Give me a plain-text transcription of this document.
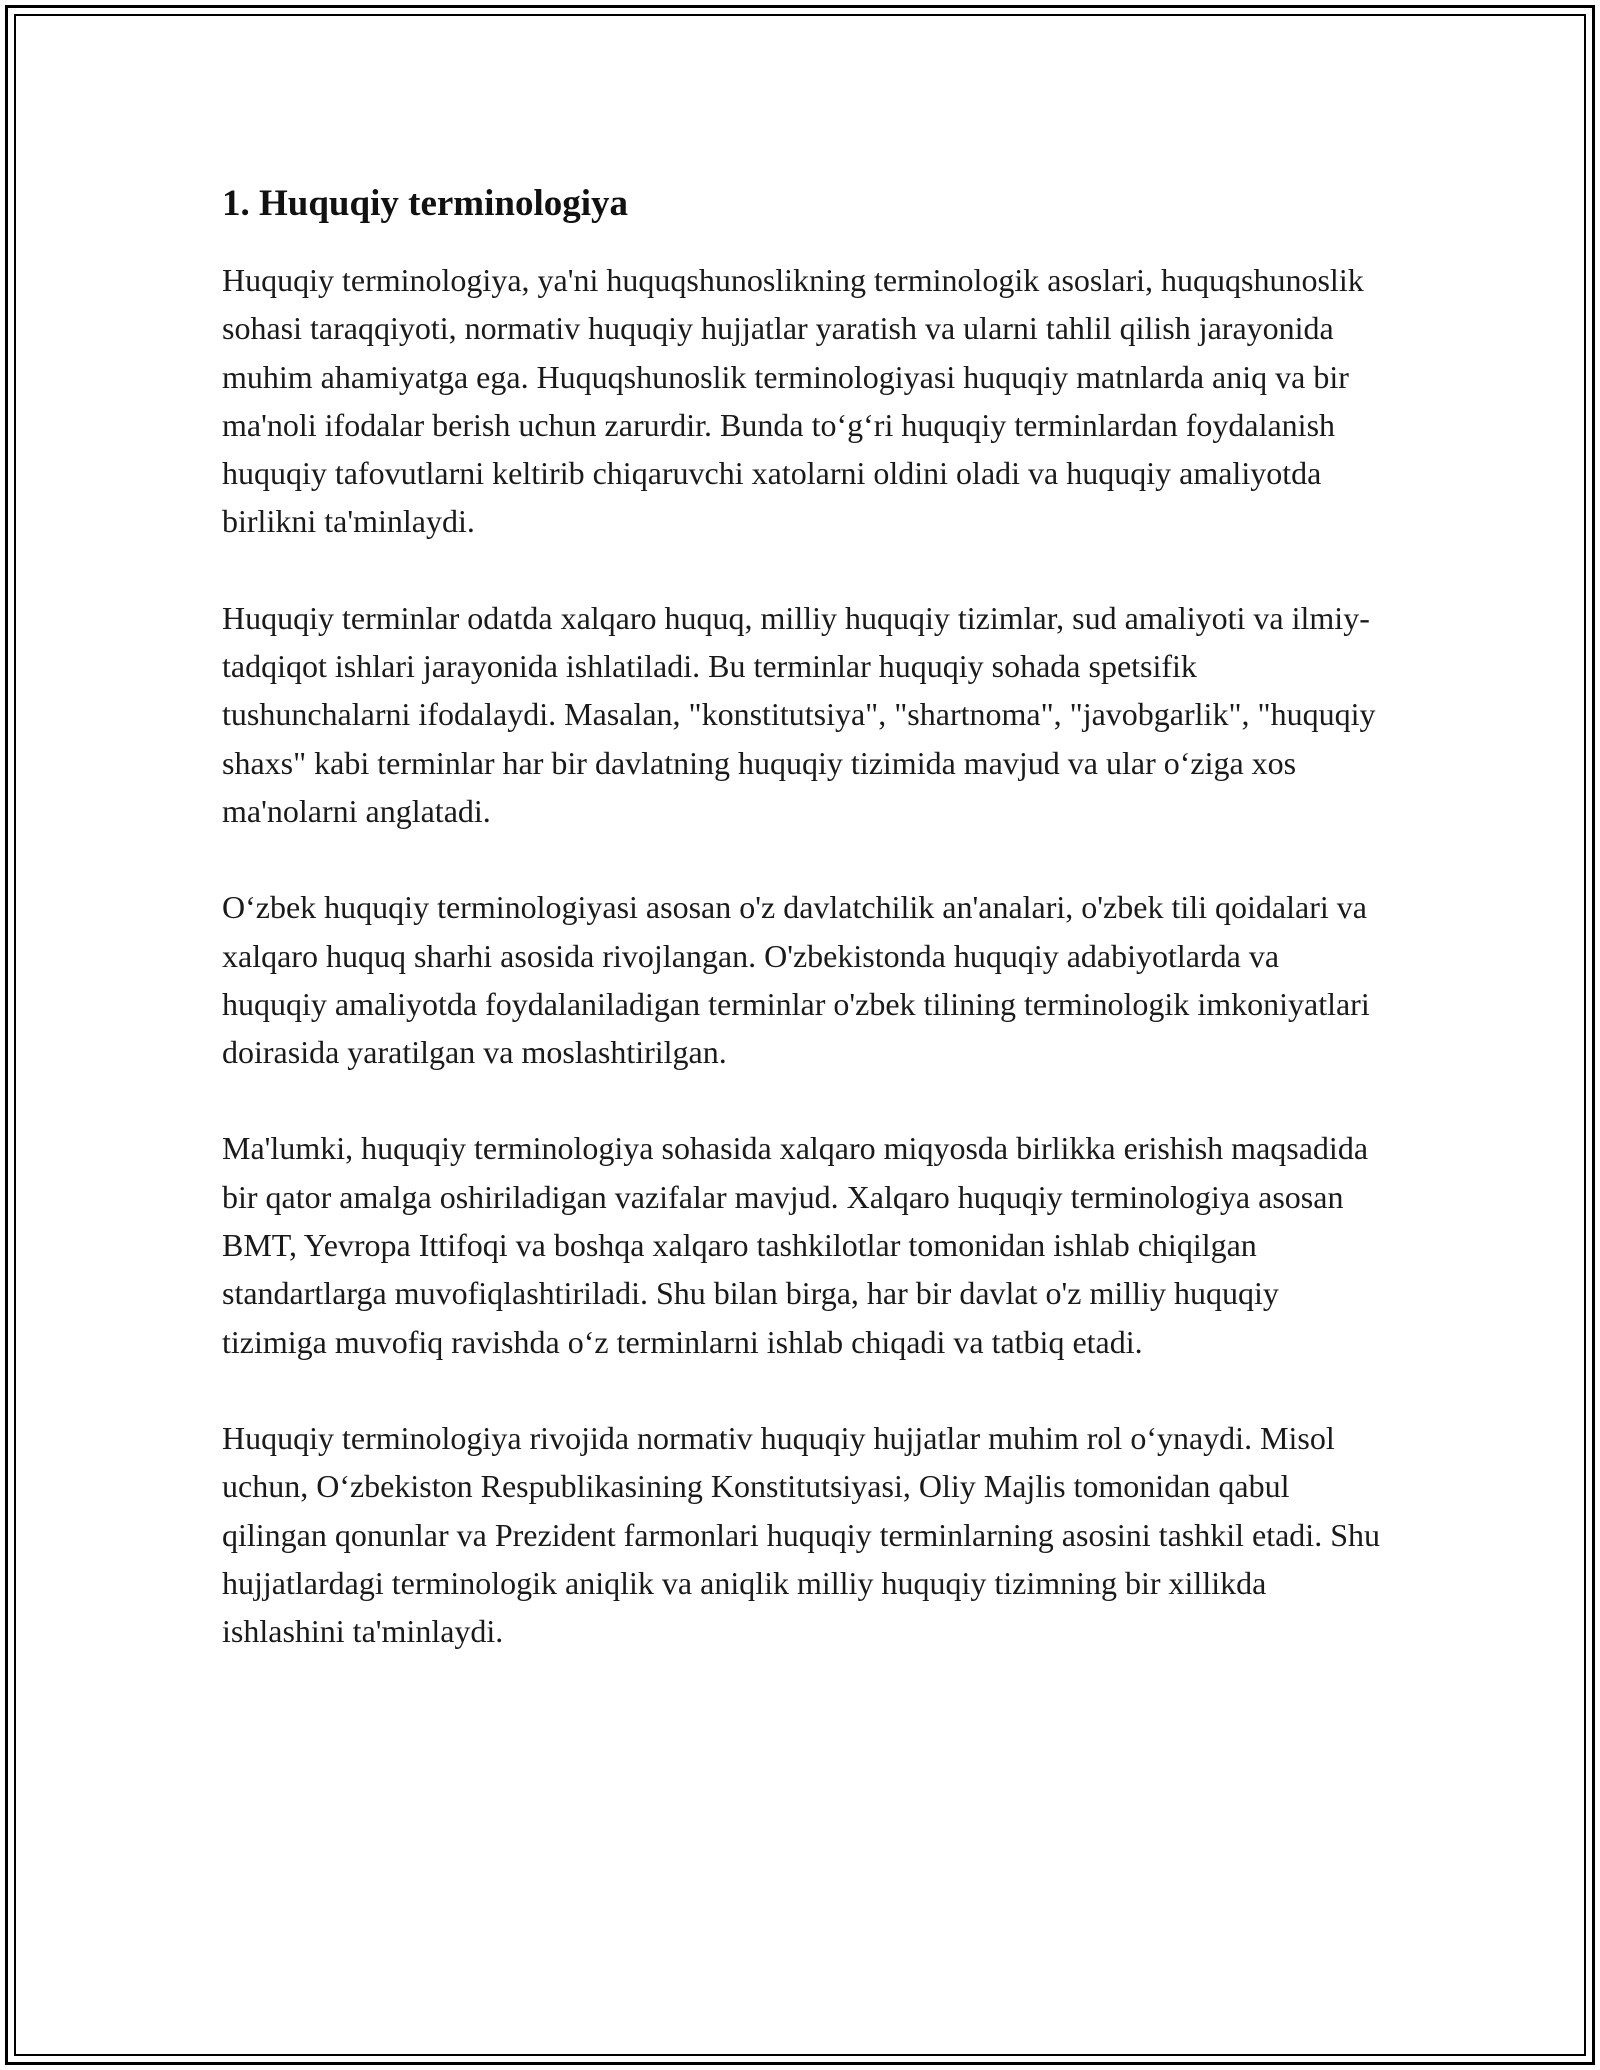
1. Huquqiy terminologiya

Huquqiy terminologiya, ya'ni huquqshunoslikning terminologik asoslari, huquqshunoslik sohasi taraqqiyoti, normativ huquqiy hujjatlar yaratish va ularni tahlil qilish jarayonida muhim ahamiyatga ega. Huquqshunoslik terminologiyasi huquqiy matnlarda aniq va bir ma'noli ifodalar berish uchun zarurdir. Bunda toʻgʻri huquqiy terminlardan foydalanish huquqiy tafovutlarni keltirib chiqaruvchi xatolarni oldini oladi va huquqiy amaliyotda birlikni ta'minlaydi.

Huquqiy terminlar odatda xalqaro huquq, milliy huquqiy tizimlar, sud amaliyoti va ilmiy-tadqiqot ishlari jarayonida ishlatiladi. Bu terminlar huquqiy sohada spetsifik tushunchalarni ifodalaydi. Masalan, "konstitutsiya", "shartnoma", "javobgarlik", "huquqiy shaxs" kabi terminlar har bir davlatning huquqiy tizimida mavjud va ular oʻziga xos ma'nolarni anglatadi.

Oʻzbek huquqiy terminologiyasi asosan o'z davlatchilik an'analari, o'zbek tili qoidalari va xalqaro huquq sharhi asosida rivojlangan. O'zbekistonda huquqiy adabiyotlarda va huquqiy amaliyotda foydalaniladigan terminlar o'zbek tilining terminologik imkoniyatlari doirasida yaratilgan va moslashtirilgan.

Ma'lumki, huquqiy terminologiya sohasida xalqaro miqyosda birlikka erishish maqsadida bir qator amalga oshiriladigan vazifalar mavjud. Xalqaro huquqiy terminologiya asosan BMT, Yevropa Ittifoqi va boshqa xalqaro tashkilotlar tomonidan ishlab chiqilgan standartlarga muvofiqlashtiriladi. Shu bilan birga, har bir davlat o'z milliy huquqiy tizimiga muvofiq ravishda oʻz terminlarni ishlab chiqadi va tatbiq etadi.

Huquqiy terminologiya rivojida normativ huquqiy hujjatlar muhim rol oʻynaydi. Misol uchun, Oʻzbekiston Respublikasining Konstitutsiyasi, Oliy Majlis tomonidan qabul qilingan qonunlar va Prezident farmonlari huquqiy terminlarning asosini tashkil etadi. Shu hujjatlardagi terminologik aniqlik va aniqlik milliy huquqiy tizimning bir xillikda ishlashini ta'minlaydi.
